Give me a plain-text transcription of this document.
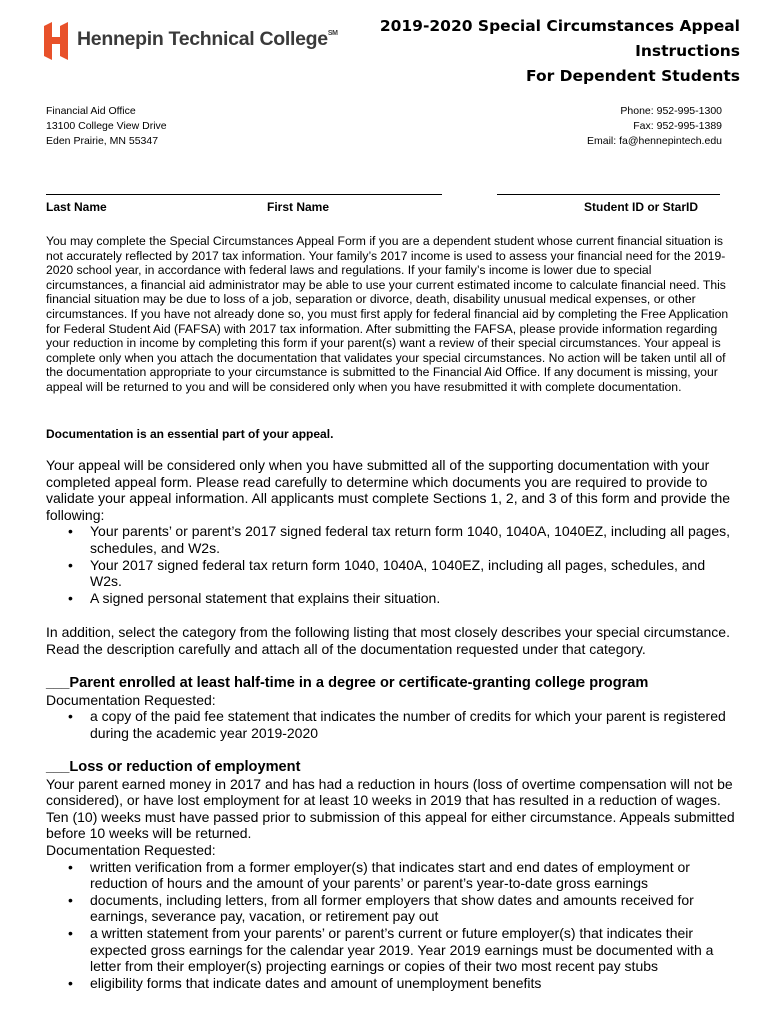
Hennepin Technical College℠	2019-2020 Special Circumstances Appeal
Instructions
For Dependent Students
Financial Aid Office
13100 College View Drive
Eden Prairie, MN 55347
Phone: 952-995-1300
Fax: 952-995-1389
Email: fa@hennepintech.edu
Last Name	First Name	Student ID or StarID
You may complete the Special Circumstances Appeal Form if you are a dependent student whose current financial situation is not accurately reflected by 2017 tax information. Your family’s 2017 income is used to assess your financial need for the 2019-2020 school year, in accordance with federal laws and regulations. If your family’s income is lower due to special circumstances, a financial aid administrator may be able to use your current estimated income to calculate financial need. This financial situation may be due to loss of a job, separation or divorce, death, disability unusual medical expenses, or other circumstances. If you have not already done so, you must first apply for federal financial aid by completing the Free Application for Federal Student Aid (FAFSA) with 2017 tax information. After submitting the FAFSA, please provide information regarding your reduction in income by completing this form if your parent(s) want a review of their special circumstances. Your appeal is complete only when you attach the documentation that validates your special circumstances. No action will be taken until all of the documentation appropriate to your circumstance is submitted to the Financial Aid Office. If any document is missing, your appeal will be returned to you and will be considered only when you have resubmitted it with complete documentation.
Documentation is an essential part of your appeal.
Your appeal will be considered only when you have submitted all of the supporting documentation with your completed appeal form. Please read carefully to determine which documents you are required to provide to validate your appeal information. All applicants must complete Sections 1, 2, and 3 of this form and provide the following:
• Your parents’ or parent’s 2017 signed federal tax return form 1040, 1040A, 1040EZ, including all pages, schedules, and W2s.
• Your 2017 signed federal tax return form 1040, 1040A, 1040EZ, including all pages, schedules, and W2s.
• A signed personal statement that explains their situation.
In addition, select the category from the following listing that most closely describes your special circumstance. Read the description carefully and attach all of the documentation requested under that category.
___Parent enrolled at least half-time in a degree or certificate-granting college program
Documentation Requested:
• a copy of the paid fee statement that indicates the number of credits for which your parent is registered during the academic year 2019-2020
___Loss or reduction of employment
Your parent earned money in 2017 and has had a reduction in hours (loss of overtime compensation will not be considered), or have lost employment for at least 10 weeks in 2019 that has resulted in a reduction of wages. Ten (10) weeks must have passed prior to submission of this appeal for either circumstance. Appeals submitted before 10 weeks will be returned.
Documentation Requested:
• written verification from a former employer(s) that indicates start and end dates of employment or reduction of hours and the amount of your parents’ or parent’s year-to-date gross earnings
• documents, including letters, from all former employers that show dates and amounts received for earnings, severance pay, vacation, or retirement pay out
• a written statement from your parents’ or parent’s current or future employer(s) that indicates their expected gross earnings for the calendar year 2019. Year 2019 earnings must be documented with a letter from their employer(s) projecting earnings or copies of their two most recent pay stubs
• eligibility forms that indicate dates and amount of unemployment benefits
